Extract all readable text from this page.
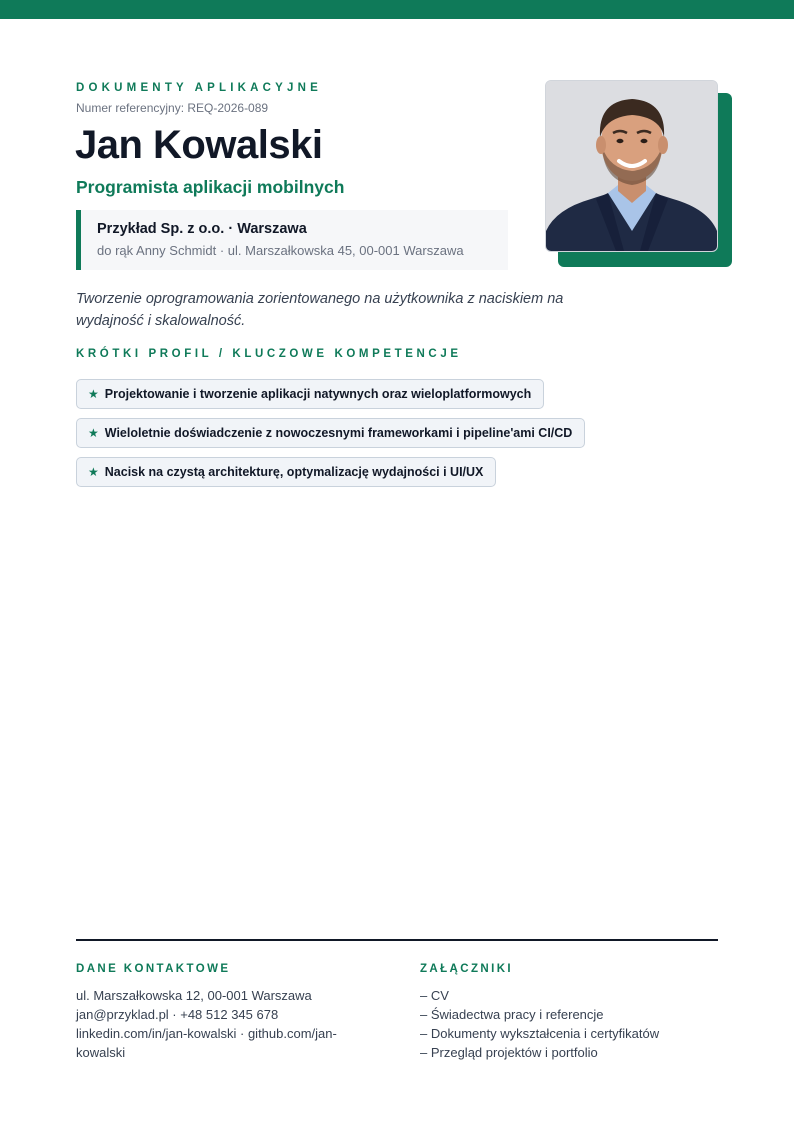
DOKUMENTY APLIKACYJNE
Numer referencyjny: REQ-2026-089
Jan Kowalski
Programista aplikacji mobilnych
Przykład Sp. z o.o. · Warszawa
do rąk Anny Schmidt · ul. Marszałkowska 45, 00-001 Warszawa
Tworzenie oprogramowania zorientowanego na użytkownika z naciskiem na wydajność i skalowalność.
KRÓTKI PROFIL / KLUCZOWE KOMPETENCJE
★ Projektowanie i tworzenie aplikacji natywnych oraz wieloplatformowych
★ Wieloletnie doświadczenie z nowoczesnymi frameworkami i pipeline'ami CI/CD
★ Nacisk na czystą architekturę, optymalizację wydajności i UI/UX
DANE KONTAKTOWE	ZAŁĄCZNIKI
ul. Marszałkowska 12, 00-001 Warszawa
jan@przyklad.pl · +48 512 345 678
linkedin.com/in/jan-kowalski · github.com/jan-kowalski
– CV
– Świadectwa pracy i referencje
– Dokumenty wykształcenia i certyfikatów
– Przegląd projektów i portfolio
